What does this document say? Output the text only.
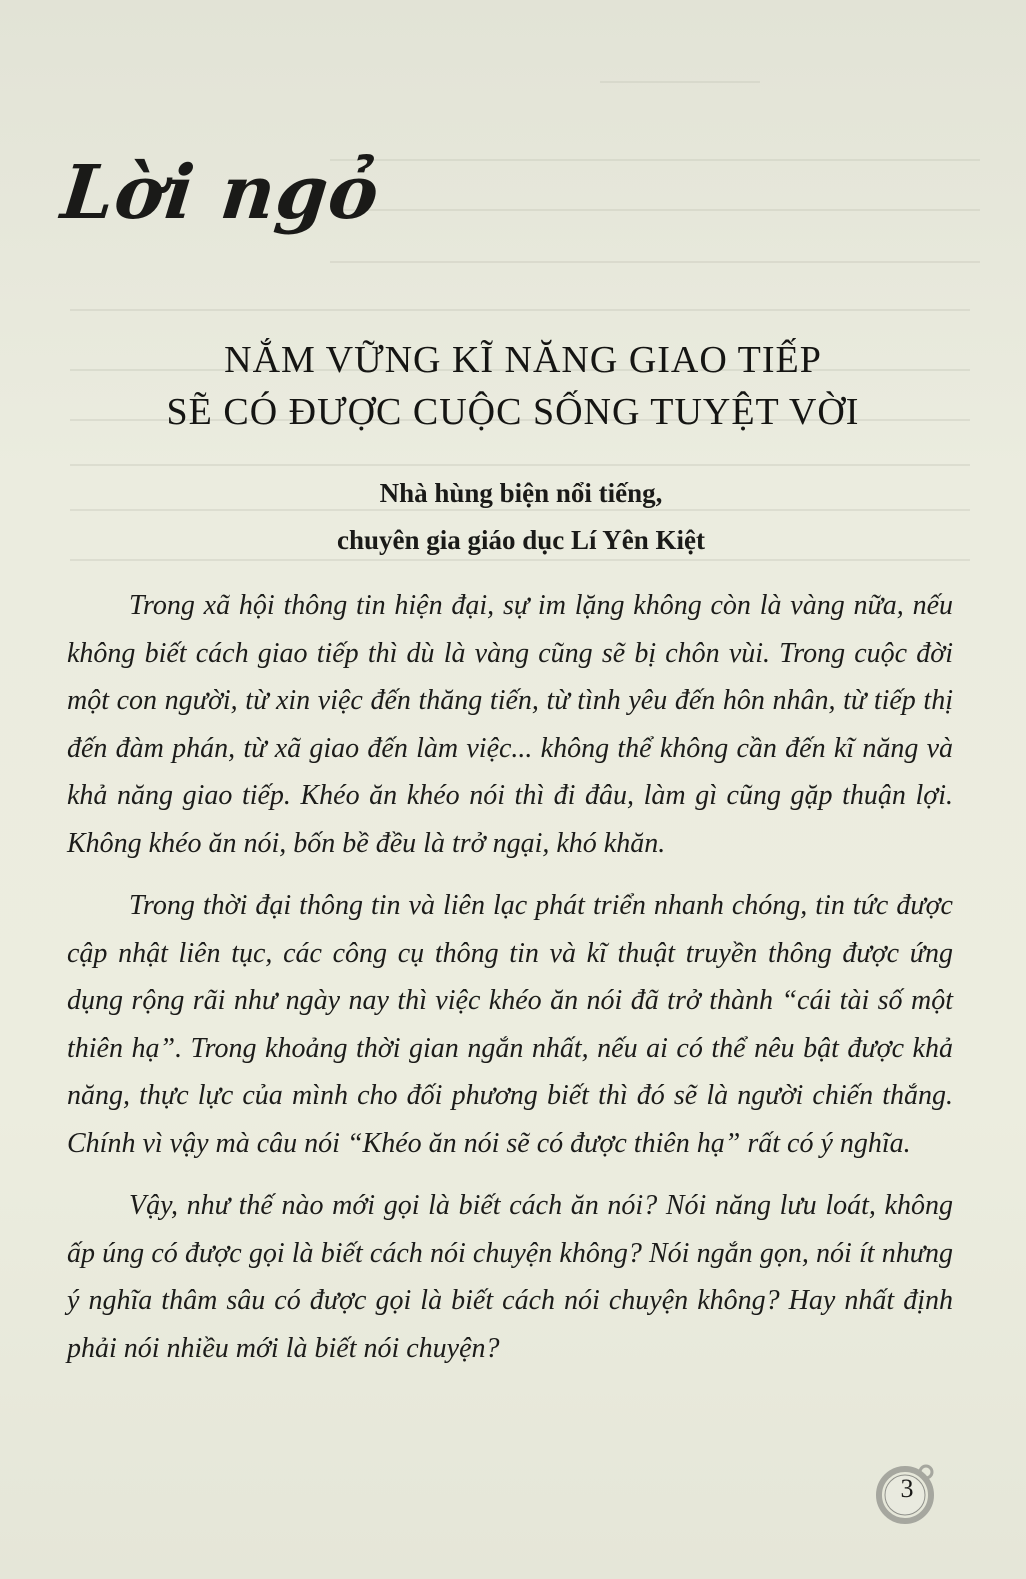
Lời ngỏ
NẮM VỮNG KĨ NĂNG GIAO TIẾP
SẼ CÓ ĐƯỢC CUỘC SỐNG TUYỆT VỜI
Nhà hùng biện nổi tiếng,
chuyên gia giáo dục Lí Yên Kiệt

Trong xã hội thông tin hiện đại, sự im lặng không còn là vàng nữa, nếu không biết cách giao tiếp thì dù là vàng cũng sẽ bị chôn vùi. Trong cuộc đời một con người, từ xin việc đến thăng tiến, từ tình yêu đến hôn nhân, từ tiếp thị đến đàm phán, từ xã giao đến làm việc... không thể không cần đến kĩ năng và khả năng giao tiếp. Khéo ăn khéo nói thì đi đâu, làm gì cũng gặp thuận lợi. Không khéo ăn nói, bốn bề đều là trở ngại, khó khăn.

Trong thời đại thông tin và liên lạc phát triển nhanh chóng, tin tức được cập nhật liên tục, các công cụ thông tin và kĩ thuật truyền thông được ứng dụng rộng rãi như ngày nay thì việc khéo ăn nói đã trở thành “cái tài số một thiên hạ”. Trong khoảng thời gian ngắn nhất, nếu ai có thể nêu bật được khả năng, thực lực của mình cho đối phương biết thì đó sẽ là người chiến thắng. Chính vì vậy mà câu nói “Khéo ăn nói sẽ có được thiên hạ” rất có ý nghĩa.

Vậy, như thế nào mới gọi là biết cách ăn nói? Nói năng lưu loát, không ấp úng có được gọi là biết cách nói chuyện không? Nói ngắn gọn, nói ít nhưng ý nghĩa thâm sâu có được gọi là biết cách nói chuyện không? Hay nhất định phải nói nhiều mới là biết nói chuyện?

3
